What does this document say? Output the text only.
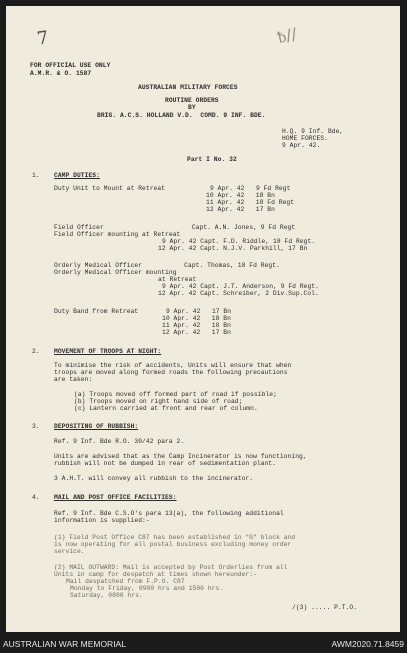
7	ᵬ//
FOR OFFICIAL USE ONLY
A.M.R. & O. 1587
AUSTRALIAN MILITARY FORCES
ROUTINE ORDERS
BY
BRIG. A.C.S. HOLLAND V.D.  COMD. 9 INF. BDE.
H.Q. 9 Inf. Bde,
HOME FORCES.
9 Apr. 42.
Part I No. 32
1. CAMP DUTIES:
Duty Unit to Mount at Retreat	9 Apr. 42   9 Fd Regt
10 Apr. 42   18 Bn
11 Apr. 42   18 Fd Regt
12 Apr. 42   17 Bn
Field Officer                       Capt. A.N. Jones, 9 Fd Regt
Field Officer mounting at Retreat
9 Apr. 42 Capt. F.D. Riddle, 18 Fd Regt.
12 Apr. 42 Capt. N.J.V. Parkhill, 17 Bn
Orderly Medical Officer           Capt. Thomas, 18 Fd Regt.
Orderly Medical Officer mounting
at Retreat
9 Apr. 42 Capt. J.T. Anderson, 9 Fd Regt.
12 Apr. 42 Capt. Schreiber, 2 Div.Sup.Col.
Duty Band from Retreat	9 Apr. 42   17 Bn
10 Apr. 42   18 Bn
11 Apr. 42   18 Bn
12 Apr. 42   17 Bn
2. MOVEMENT OF TROOPS AT NIGHT:
To minimise the risk of accidents, Units will ensure that when
troops are moved along formed roads the following precautions
are taken:
(a) Troops moved off formed part of road if possible;
(b) Troops moved on right hand side of road;
(c) Lantern carried at front and rear of column.
3. DEPOSITING OF RUBBISH:
Ref. 9 Inf. Bde R.O. 30/42 para 2.
Units are advised that as the Camp Incinerator is now functioning,
rubbish will not be dumped in rear of sedimentation plant.
3 A.H.T. will convey all rubbish to the incinerator.
4. MAIL AND POST OFFICE FACILITIES:
Ref. 9 Inf. Bde C.S.O's para 13(a), the following additional
information is supplied:-
(1) Field Post Office C87 has been established in "G" block and
is now operating for all postal business excluding money order
service.
(2) MAIL OUTWARD: Mail is accepted by Post Orderlies from all
Units in camp for despatch at times shown hereunder:-
Mail despatched from F.P.O. C87
Monday to Friday, 0900 hrs and 1500 hrs.
Saturday, 0800 hrs.
/(3) ..... P.T.O.
AUSTRALIAN WAR MEMORIAL	AWM2020.71.8459
